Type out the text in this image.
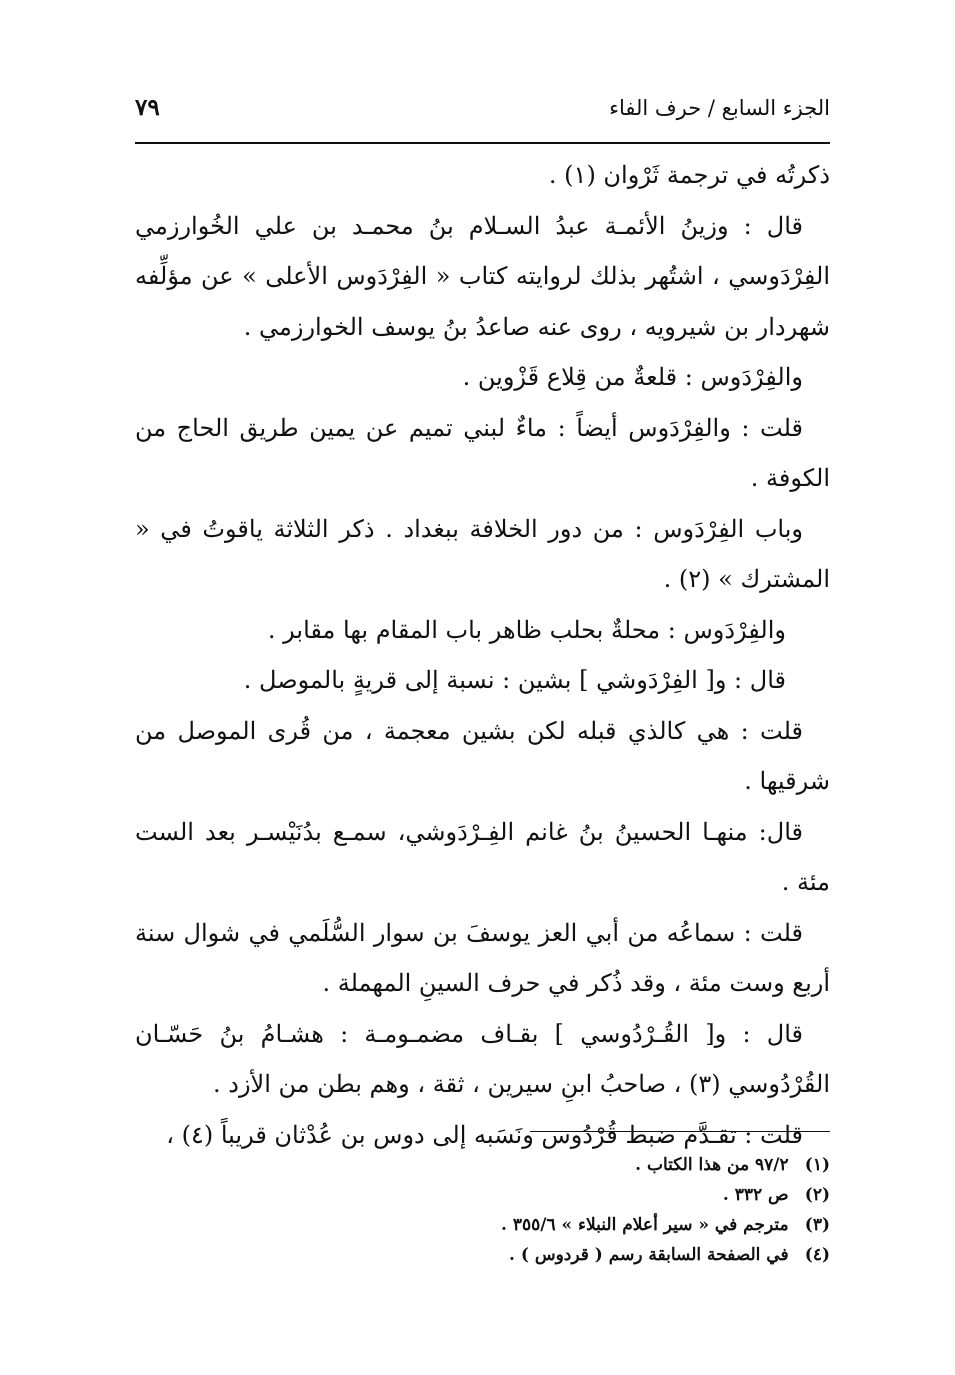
الجزء السابع / حرف الفاء
٧٩

ذكرتُه في ترجمة ثَرْوان (١) .

قال : وزينُ الأئمـة عبدُ السـلام بنُ محمـد بن علي الخُوارزمي الفِرْدَوسي ، اشتُهر بذلك لروايته كتاب « الفِرْدَوس الأعلى » عن مؤلِّفه شهردار بن شيرويه ، روى عنه صاعدُ بنُ يوسف الخوارزمي .

والفِرْدَوس : قلعةٌ من قِلاع قَزْوين .

قلت : والفِرْدَوس أيضاً : ماءٌ لبني تميم عن يمين طريق الحاج من الكوفة .

وباب الفِرْدَوس : من دور الخلافة ببغداد . ذكر الثلاثة ياقوتُ في « المشترك » (٢) .

والفِرْدَوس : محلةٌ بحلب ظاهر باب المقام بها مقابر .

قال : و[ الفِرْدَوشي ] بشين : نسبة إلى قريةٍ بالموصل .

قلت : هي كالذي قبله لكن بشين معجمة ، من قُرى الموصل من شرقيها .

قال: منهـا الحسينُ بنُ غانم الفِـرْدَوشي، سمـع بدُنَيْسـر بعد الست مئة .

قلت : سماعُه من أبي العز يوسفَ بن سوار السُّلَمي في شوال سنة أربع وست مئة ، وقد ذُكر في حرف السينِ المهملة .

قال : و[ القُـرْدُوسي ] بقـاف مضمـومـة : هشـامُ بنُ حَسّـان القُرْدُوسي (٣) ، صاحبُ ابنِ سيرين ، ثقة ، وهم بطن من الأزد .

قلت : تقـدَّم ضبط قُرْدُوس ونَسَبه إلى دوس بن عُدْثان قريباً (٤) ،

(١) ٩٧/٢ من هذا الكتاب .

(٢) ص ٣٣٢ .

(٣) مترجم في « سير أعلام النبلاء » ٣٥٥/٦ .

(٤) في الصفحة السابقة رسم ( قردوس ) .
